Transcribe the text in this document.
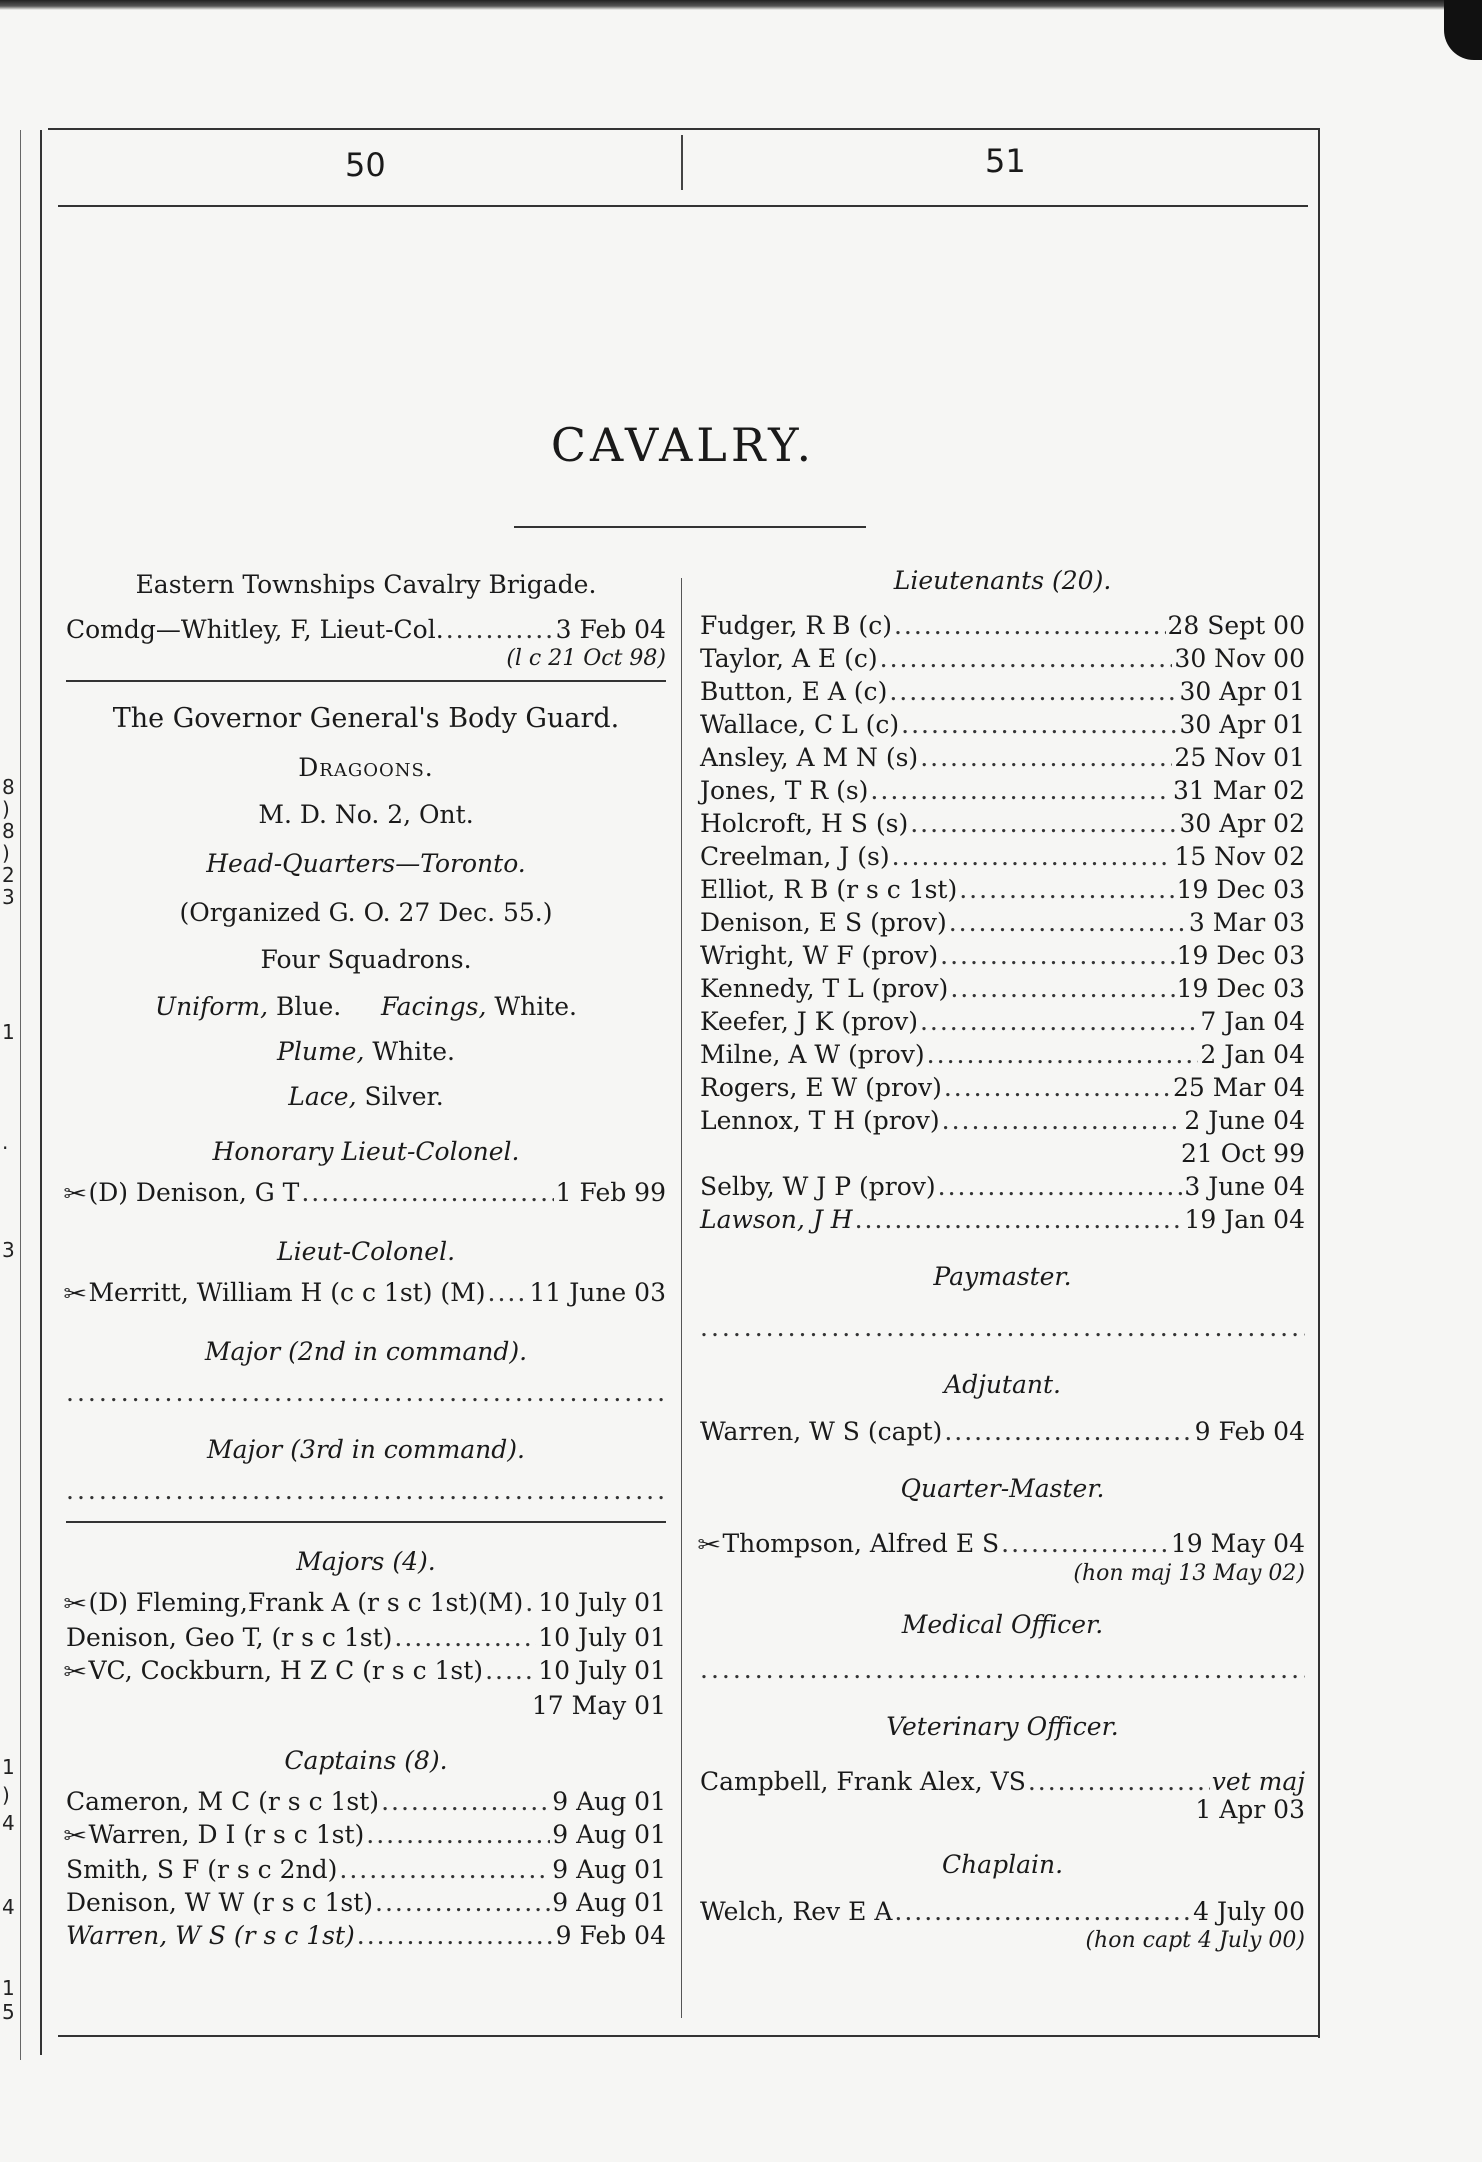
8
)
8
)
2
3
1
.
3
1
)
4
4
1
5
50	51
CAVALRY.
Eastern Townships Cavalry Brigade.
Comdg—Whitley, F, Lieut-Col. .....	3 Feb 04
(l c 21 Oct 98)
The Governor General's Body Guard.
Dragoons.
M. D. No. 2, Ont.
Head-Quarters—Toronto.
(Organized G. O. 27 Dec. 55.)
Four Squadrons.
Uniform, Blue. Facings, White.
Plume, White.
Lace, Silver.
Honorary Lieut-Colonel.
✂ (D) Denison, G T .....	1 Feb 99
Lieut-Colonel.
✂ Merritt, William H (c c 1st) (M) ..... 11 June 03
Major (2nd in command).
.....
Major (3rd in command).
.....
Majors (4).
✂ (D) Fleming,Frank A (r s c 1st)(M) ..... 10 July 01
Denison, Geo T, (r s c 1st) .....	10 July 01
✂ VC, Cockburn, H Z C (r s c 1st) ..... 10 July 01
17 May 01
Captains (8).
Cameron, M C (r s c 1st) .....	9 Aug 01
✂ Warren, D I (r s c 1st) .....	9 Aug 01
Smith, S F (r s c 2nd) .....	9 Aug 01
Denison, W W (r s c 1st) .....	9 Aug 01
Warren, W S (r s c 1st) .....	9 Feb 04
Lieutenants (20).
Fudger, R B (c) .....	28 Sept 00
Taylor, A E (c) .....	30 Nov 00
Button, E A (c) .....	30 Apr 01
Wallace, C L (c) .....	30 Apr 01
Ansley, A M N (s) .....	25 Nov 01
Jones, T R (s) .....	31 Mar 02
Holcroft, H S (s) .....	30 Apr 02
Creelman, J (s) .....	15 Nov 02
Elliot, R B (r s c 1st) .....	19 Dec 03
Denison, E S (prov) .....	3 Mar 03
Wright, W F (prov) .....	19 Dec 03
Kennedy, T L (prov) .....	19 Dec 03
Keefer, J K (prov) .....	7 Jan 04
Milne, A W (prov) .....	2 Jan 04
Rogers, E W (prov) .....	25 Mar 04
Lennox, T H (prov) .....	2 June 04
21 Oct 99
Selby, W J P (prov) .....	3 June 04
Lawson, J H .....	19 Jan 04
Paymaster.
.....
Adjutant.
Warren, W S (capt) .....	9 Feb 04
Quarter-Master.
✂ Thompson, Alfred E S .....	19 May 04
(hon maj 13 May 02)
Medical Officer.
.....
Veterinary Officer.
Campbell, Frank Alex, VS .....	vet maj
1 Apr 03
Chaplain.
Welch, Rev E A .....	4 July 00
(hon capt 4 July 00)
